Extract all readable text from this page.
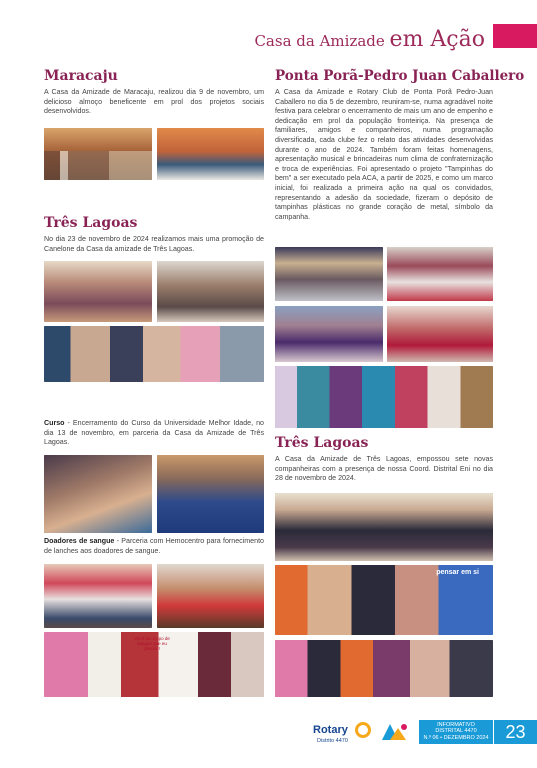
Casa da Amizade em Ação
Maracaju

A Casa da Amizade de Maracaju, realizou dia 9 de novembro, um delicioso almoço beneficente em prol dos projetos sociais desenvolvidos.

Três Lagoas

No dia 23 de novembro de 2024 realizamos mais uma promoção de Canelone da Casa da amizade de Três Lagoas.

Curso - Encerramento do Curso da Universidade Melhor Idade, no dia 13 de novembro, em parceria da Casa da Amizade de Três Lagoas.

Doadores de sangue - Parceria com Hemocentro para fornecimento de lanches aos doadores de sangue.

Ponta Porã-Pedro Juan Caballero

A Casa da Amizade e Rotary Club de Ponta Porã Pedro-Juan Caballero no dia 5 de dezembro, reuniram-se, numa agradável noite festiva para celebrar o encerramento de mais um ano de empenho e dedicação em prol da população fronteiriça. Na presença de familiares, amigos e companheiros, numa programação diversificada, cada clube fez o relato das atividades desenvolvidas durante o ano de 2024. Também foram feitas homenagens, apresentação musical e brincadeiras num clima de confraternização e troca de experiências. Foi apresentado o projeto "Tampinhas do bem" a ser executado pela ACA, a partir de 2025, e como um marco inicial, foi realizada a primeira ação na qual os convidados, representando a adesão da sociedade, fizeram o depósito de tampinhas plásticas no grande coração de metal, símbolo da campanha.

Três Lagoas

A Casa da Amizade de Três Lagoas, empossou sete novas companheiras com a presença de nossa Coord. Distrital Eni no dia 28 de novembro de 2024.

Você faz a tipo de sangue que eu preciso!
pensar em si
Rotary
Distrito 4470
INFORMATIVO
DISTRITAL 4470
N.º 06 • DEZEMBRO 2024 23
